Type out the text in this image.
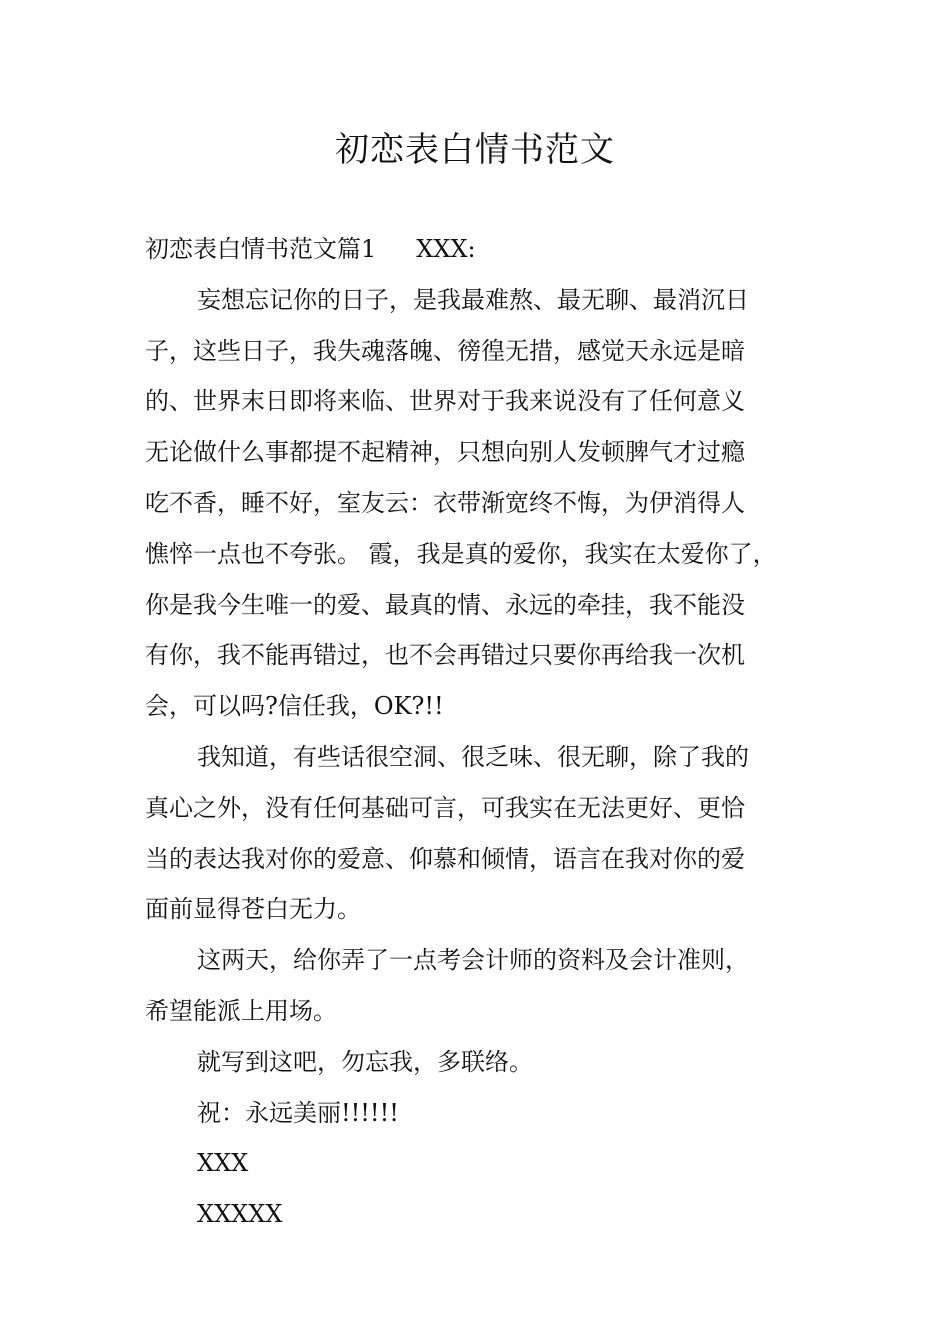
初恋表白情书范文
初恋表白情书范文篇1 XXX:
妄想忘记你的日子，是我最难熬、最无聊、最消沉日
子，这些日子，我失魂落魄、徬徨无措，感觉天永远是暗
的、世界末日即将来临、世界对于我来说没有了任何意义
无论做什么事都提不起精神，只想向别人发顿脾气才过瘾
吃不香，睡不好，室友云：衣带渐宽终不悔，为伊消得人
憔悴一点也不夸张。 霞，我是真的爱你，我实在太爱你了，
你是我今生唯一的爱、最真的情、永远的牵挂，我不能没
有你，我不能再错过，也不会再错过只要你再给我一次机
会，可以吗?信任我，OK?!!
我知道，有些话很空洞、很乏味、很无聊，除了我的
真心之外，没有任何基础可言，可我实在无法更好、更恰
当的表达我对你的爱意、仰慕和倾情，语言在我对你的爱
面前显得苍白无力。
这两天，给你弄了一点考会计师的资料及会计准则，
希望能派上用场。
就写到这吧，勿忘我，多联络。
祝：永远美丽!!!!!!
XXX
XXXXX
